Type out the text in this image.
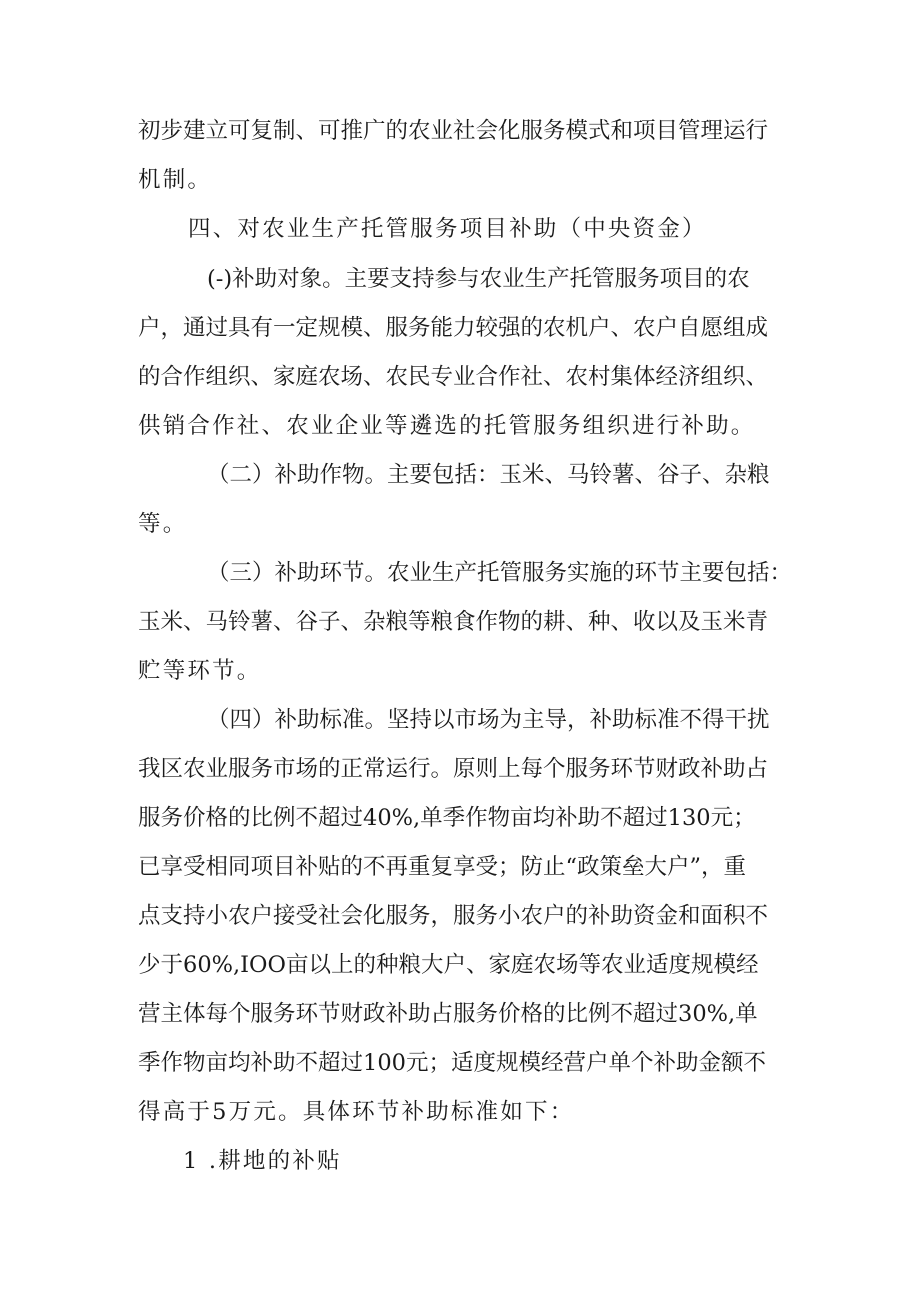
初步建立可复制、可推广的农业社会化服务模式和项目管理运行
机制。
四、对农业生产托管服务项目补助（中央资金）
(-)补助对象。主要支持参与农业生产托管服务项目的农
户，通过具有一定规模、服务能力较强的农机户、农户自愿组成
的合作组织、家庭农场、农民专业合作社、农村集体经济组织、
供销合作社、农业企业等遴选的托管服务组织进行补助。
（二）补助作物。主要包括：玉米、马铃薯、谷子、杂粮
等。
（三）补助环节。农业生产托管服务实施的环节主要包括：
玉米、马铃薯、谷子、杂粮等粮食作物的耕、种、收以及玉米青
贮等环节。
（四）补助标准。坚持以市场为主导，补助标准不得干扰
我区农业服务市场的正常运行。原则上每个服务环节财政补助占
服务价格的比例不超过40%,单季作物亩均补助不超过130元；
已享受相同项目补贴的不再重复享受；防止“政策垒大户”，重
点支持小农户接受社会化服务，服务小农户的补助资金和面积不
少于60%,IOO亩以上的种粮大户、家庭农场等农业适度规模经
营主体每个服务环节财政补助占服务价格的比例不超过30%,单
季作物亩均补助不超过100元；适度规模经营户单个补助金额不
得高于5万元。具体环节补助标准如下：
1 .耕地的补贴
